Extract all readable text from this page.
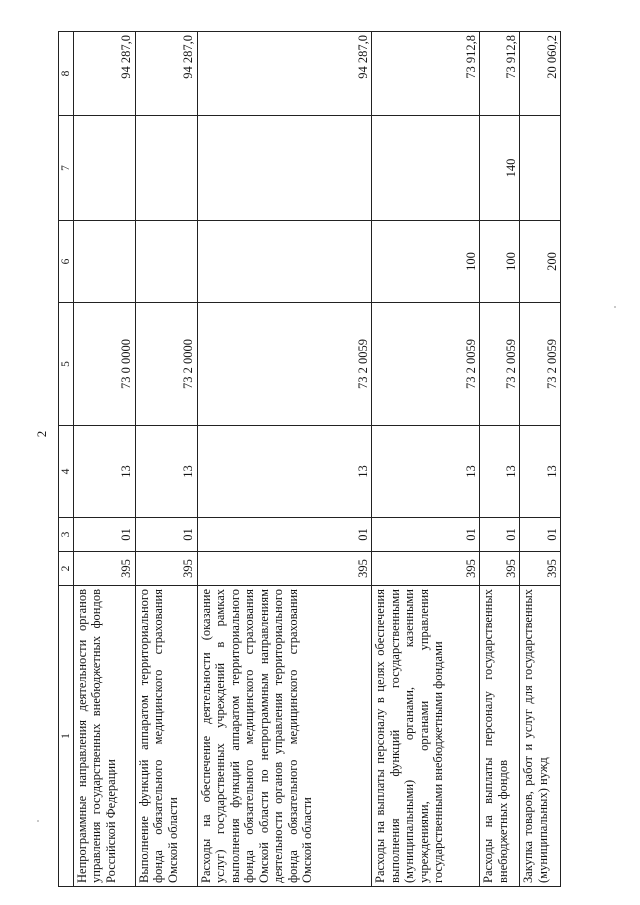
2
1	2	3	4	5	6	7	8
Непрограммные направления деятельности органов управления государственных внебюджетных фондов Российской Федерации	395	01	13	73 0 0000			94 287,0
Выполнение функций аппаратом территориального фонда обязательного медицинского страхования Омской области	395	01	13	73 2 0000			94 287,0
Расходы на обеспечение деятельности (оказание услуг) государственных учреждений в рамках выполнения функций аппаратом территориального фонда обязательного медицинского страхования Омской области по непрограммным направлениям деятельности органов управления территориального фонда обязательного медицинского страхования Омской области	395	01	13	73 2 0059			94 287,0
Расходы на выплаты персоналу в целях обеспечения выполнения функций государственными (муниципальными) органами, казенными учреждениями, органами управления государственными внебюджетными фондами	395	01	13	73 2 0059	100		73 912,8
Расходы на выплаты персоналу государственных внебюджетных фондов	395	01	13	73 2 0059	100	140	73 912,8
Закупка товаров, работ и услуг для государственных (муниципальных) нужд	395	01	13	73 2 0059	200		20 060,2
